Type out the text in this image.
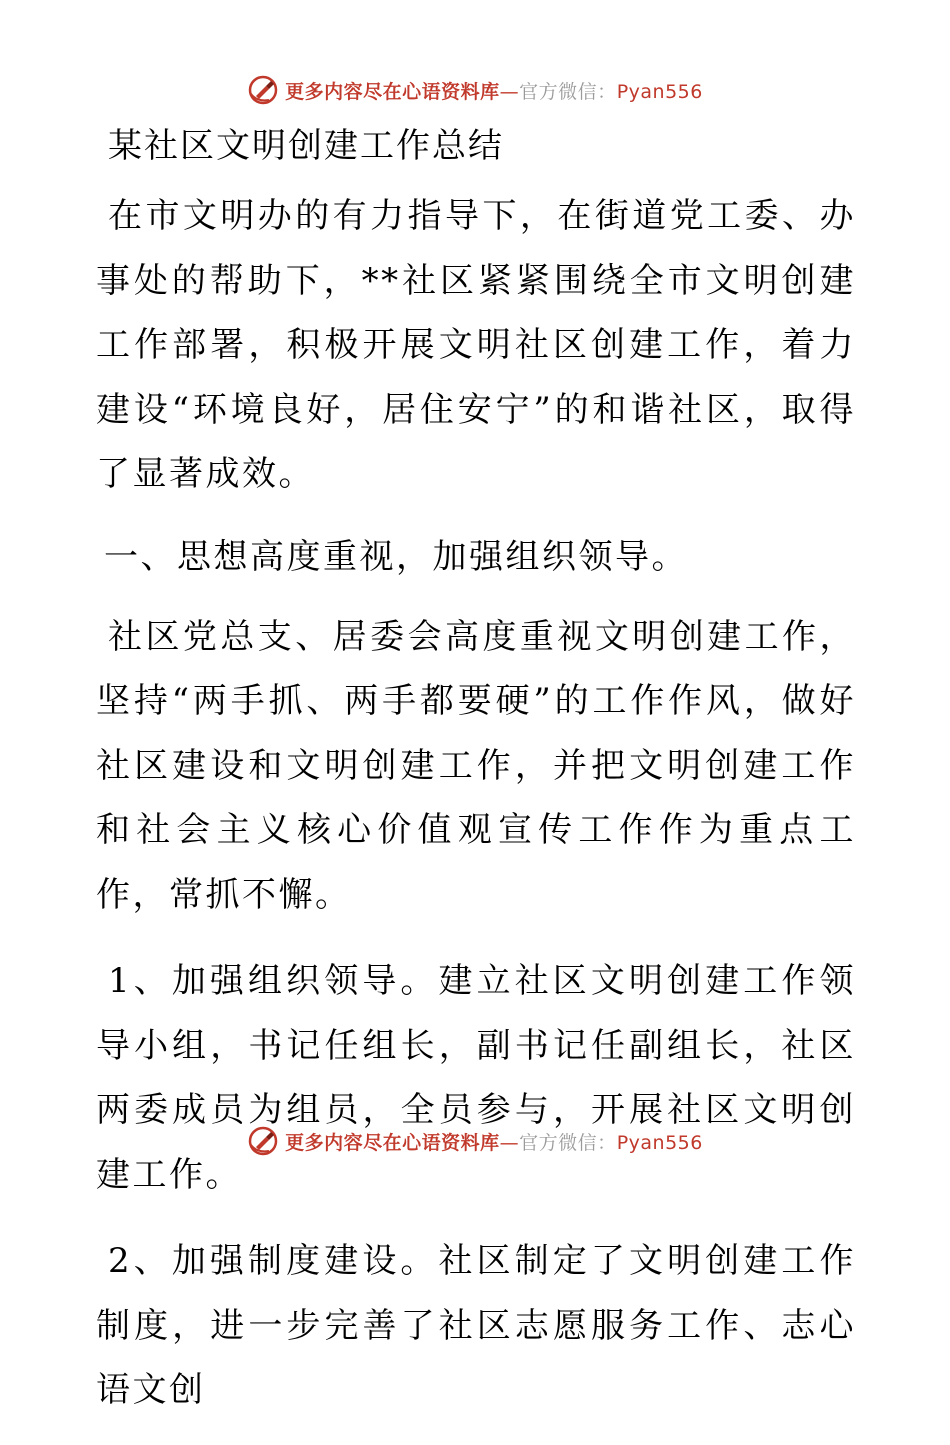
更多内容尽在心语资料库—官方微信：Pyan556
某社区文明创建工作总结

在市文明办的有力指导下，在街道党工委、办事处的帮助下，**社区紧紧围绕全市文明创建工作部署，积极开展文明社区创建工作，着力建设“环境良好，居住安宁”的和谐社区，取得了显著成效。

一、思想高度重视，加强组织领导。

社区党总支、居委会高度重视文明创建工作，坚持“两手抓、两手都要硬”的工作作风，做好社区建设和文明创建工作，并把文明创建工作和社会主义核心价值观宣传工作作为重点工作，常抓不懈。

1、加强组织领导。建立社区文明创建工作领导小组，书记任组长，副书记任副组长，社区两委成员为组员，全员参与，开展社区文明创建工作。

2、加强制度建设。社区制定了文明创建工作制度，进一步完善了社区志愿服务工作、志心语文创

更多内容尽在心语资料库—官方微信：Pyan556
